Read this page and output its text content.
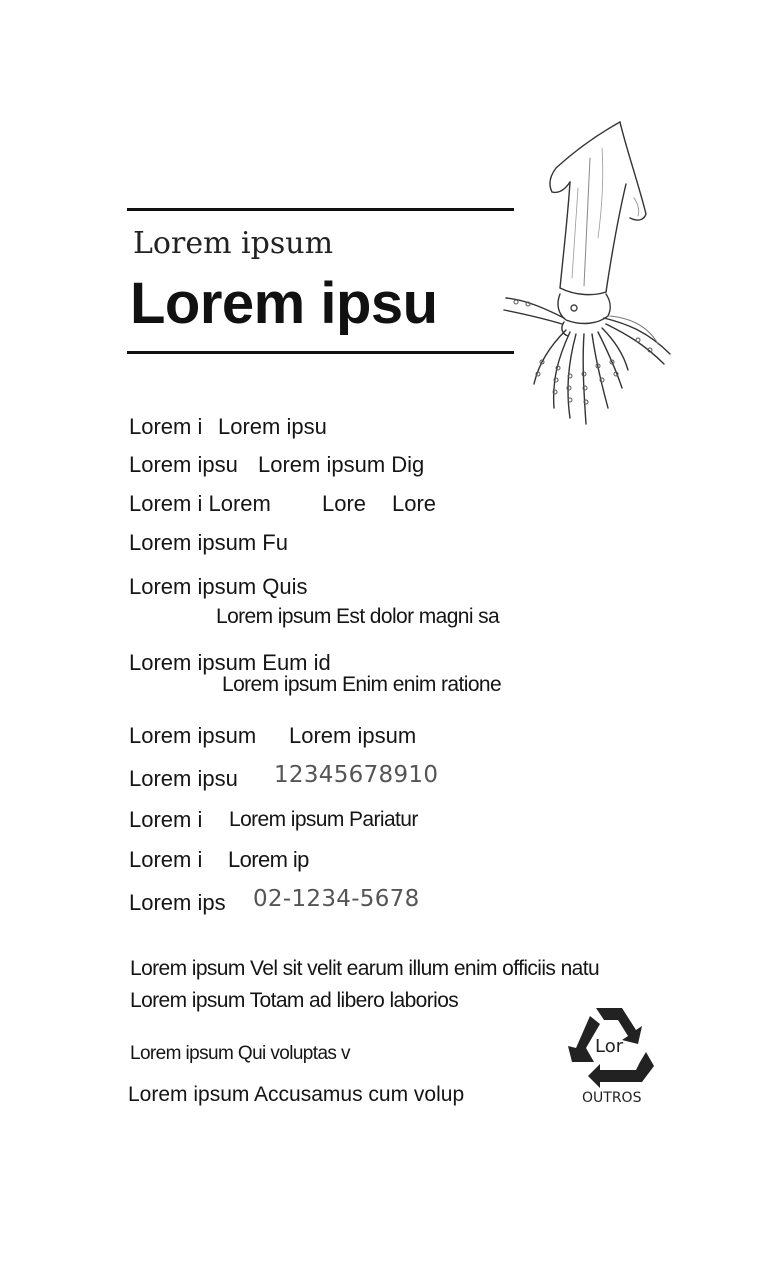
Lorem ipsum
Lorem ipsu
Lorem i Lorem ipsu
Lorem ipsu Lorem ipsum Dig
Lorem i Lorem Lore Lore
Lorem ipsum Fu
Lorem ipsum Quis
Lorem ipsum Est dolor magni sa
Lorem ipsum Eum id
Lorem ipsum Enim enim ratione
Lorem ipsum Lorem ipsum
Lorem ipsu 12345678910
Lorem i Lorem ipsum Pariatur
Lorem i Lorem ip
Lorem ips 02-1234-5678
Lorem ipsum Vel sit velit earum illum enim officiis natu
Lorem ipsum Totam ad libero laborios
Lorem ipsum Qui voluptas v
Lorem ipsum Accusamus cum volup
Lor
OUTROS
